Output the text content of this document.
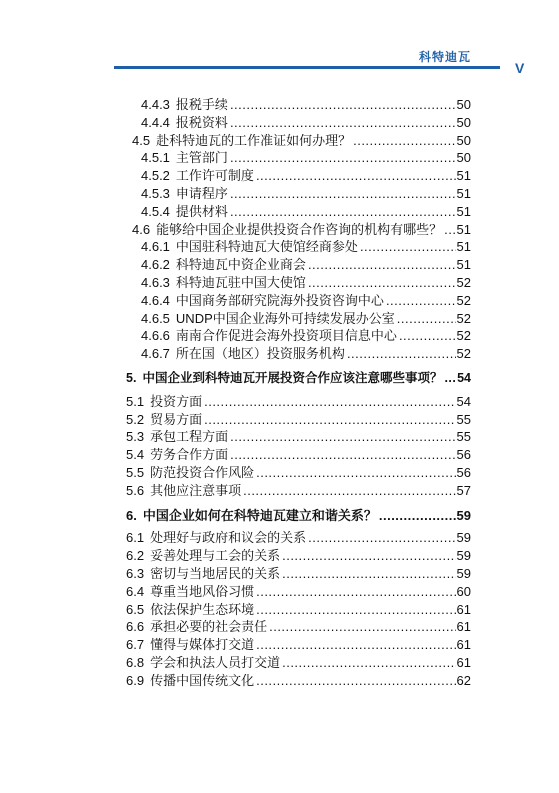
科特迪瓦
V
4.4.3 报税手续 .....	50
4.4.4 报税资料 .....	50
4.5 赴科特迪瓦的工作准证如何办理？ .....	50
4.5.1 主管部门 .....	50
4.5.2 工作许可制度 .....	51
4.5.3 申请程序 .....	51
4.5.4 提供材料 .....	51
4.6 能够给中国企业提供投资合作咨询的机构有哪些？ ..... 51
4.6.1 中国驻科特迪瓦大使馆经商参处 .....	51
4.6.2 科特迪瓦中资企业商会 .....	51
4.6.3 科特迪瓦驻中国大使馆 .....	52
4.6.4 中国商务部研究院海外投资咨询中心 .....	52
4.6.5 UNDP中国企业海外可持续发展办公室 .....	52
4.6.6 南南合作促进会海外投资项目信息中心 .....	52
4.6.7 所在国（地区）投资服务机构 .....	52
5. 中国企业到科特迪瓦开展投资合作应该注意哪些事项？ ..... 54
5.1 投资方面 .....	54
5.2 贸易方面 .....	55
5.3 承包工程方面 .....	55
5.4 劳务合作方面 .....	56
5.5 防范投资合作风险 .....	56
5.6 其他应注意事项 .....	57
6. 中国企业如何在科特迪瓦建立和谐关系？ .....	59
6.1 处理好与政府和议会的关系 .....	59
6.2 妥善处理与工会的关系 .....	59
6.3 密切与当地居民的关系 .....	59
6.4 尊重当地风俗习惯 .....	60
6.5 依法保护生态环境 .....	61
6.6 承担必要的社会责任 .....	61
6.7 懂得与媒体打交道 .....	61
6.8 学会和执法人员打交道 .....	61
6.9 传播中国传统文化 .....	62
